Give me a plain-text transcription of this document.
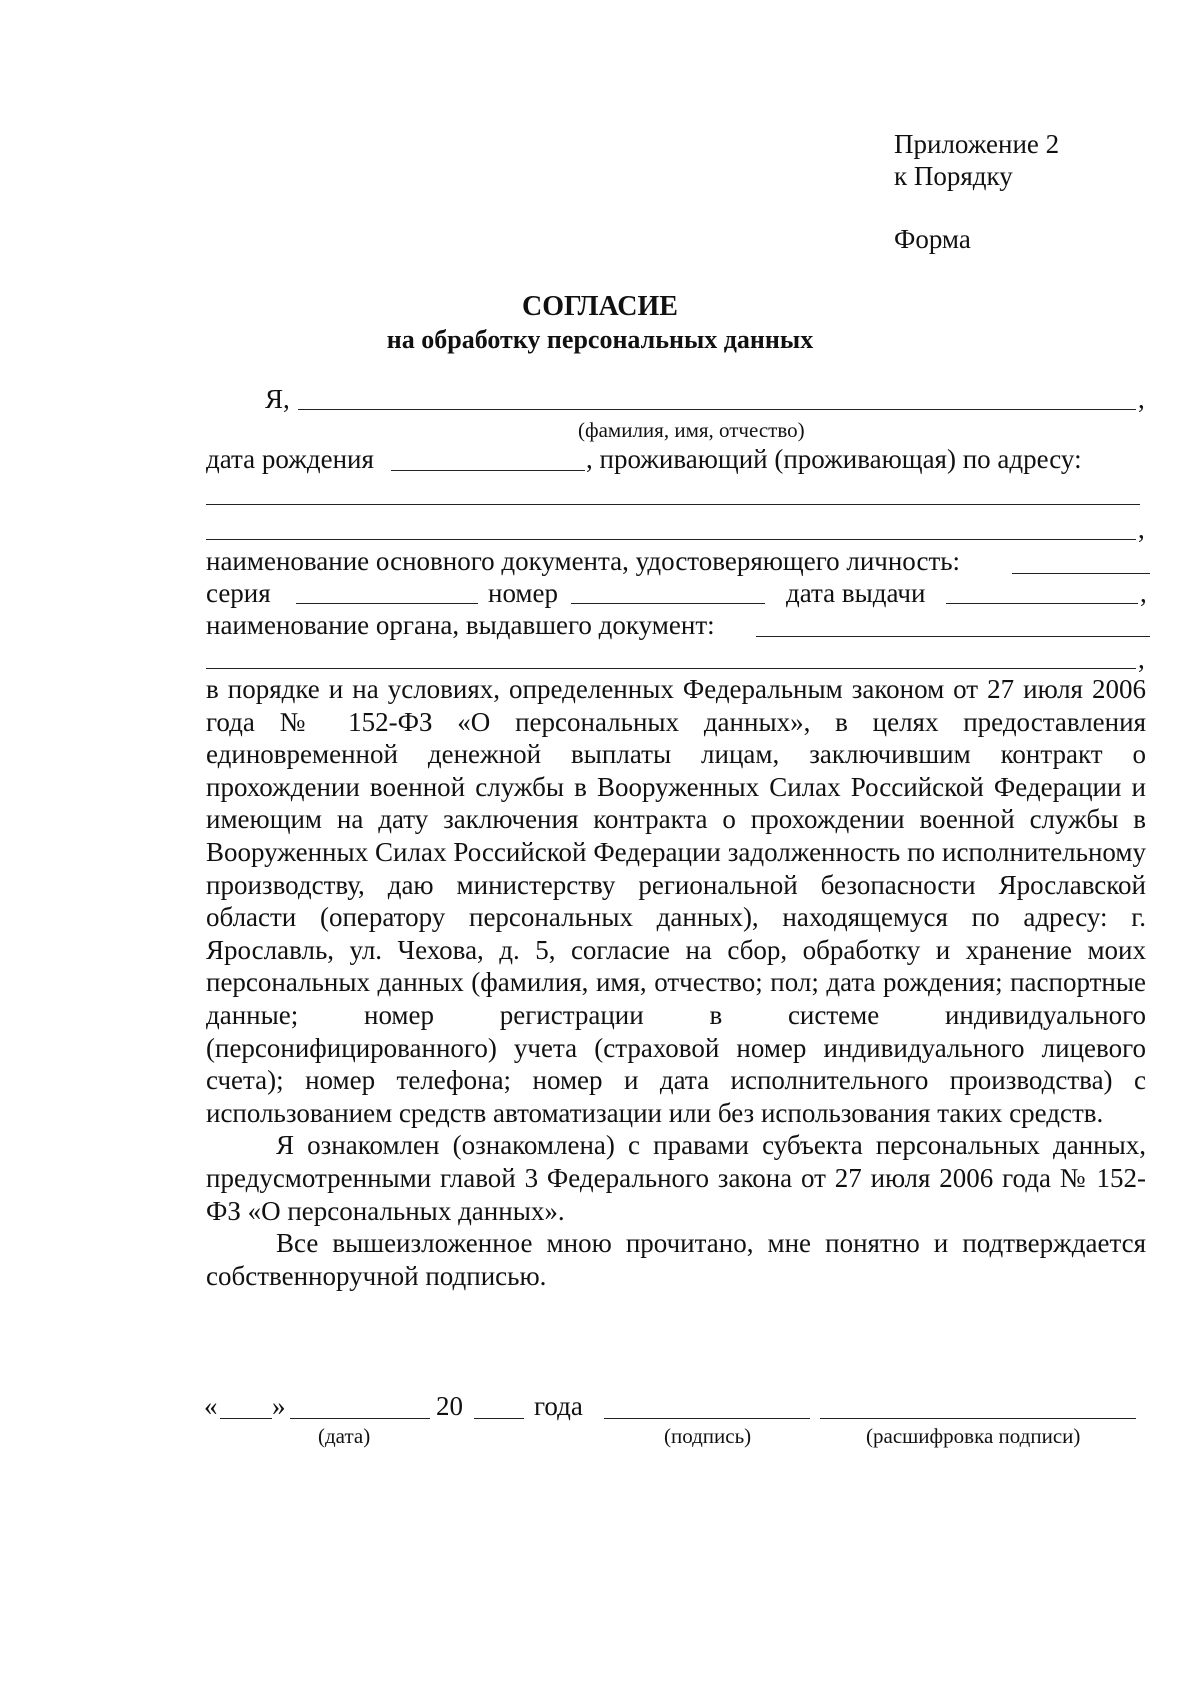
Приложение 2
к Порядку
Форма
СОГЛАСИЕ
на обработку персональных данных
Я,	,
(фамилия, имя, отчество)
дата рождения	, проживающий (проживающая) по адресу:
,
наименование основного документа, удостоверяющего личность:
серия	номер	дата выдачи	,
наименование органа, выдавшего документ:
,

в порядке и на условиях, определенных Федеральным законом от 27 июля 2006 года № 152-ФЗ «О персональных данных», в целях предоставления единовременной денежной выплаты лицам, заключившим контракт о прохождении военной службы в Вооруженных Силах Российской Федерации и имеющим на дату заключения контракта о прохождении военной службы в Вооруженных Силах Российской Федерации задолженность по исполнительному производству, даю министерству региональной безопасности Ярославской области (оператору персональных данных), находящемуся по адресу: г. Ярославль, ул. Чехова, д. 5, согласие на сбор, обработку и хранение моих персональных данных (фамилия, имя, отчество; пол; дата рождения; паспортные данные; номер регистрации в системе индивидуального (персонифицированного) учета (страховой номер индивидуального лицевого счета); номер телефона; номер и дата исполнительного производства) с использованием средств автоматизации или без использования таких средств.

Я ознакомлен (ознакомлена) с правами субъекта персональных данных, предусмотренными главой 3 Федерального закона от 27 июля 2006 года № 152-ФЗ «О персональных данных».

Все вышеизложенное мною прочитано, мне понятно и подтверждается собственноручной подписью.

« »	20	года
(дата)	(подпись)	(расшифровка подписи)
